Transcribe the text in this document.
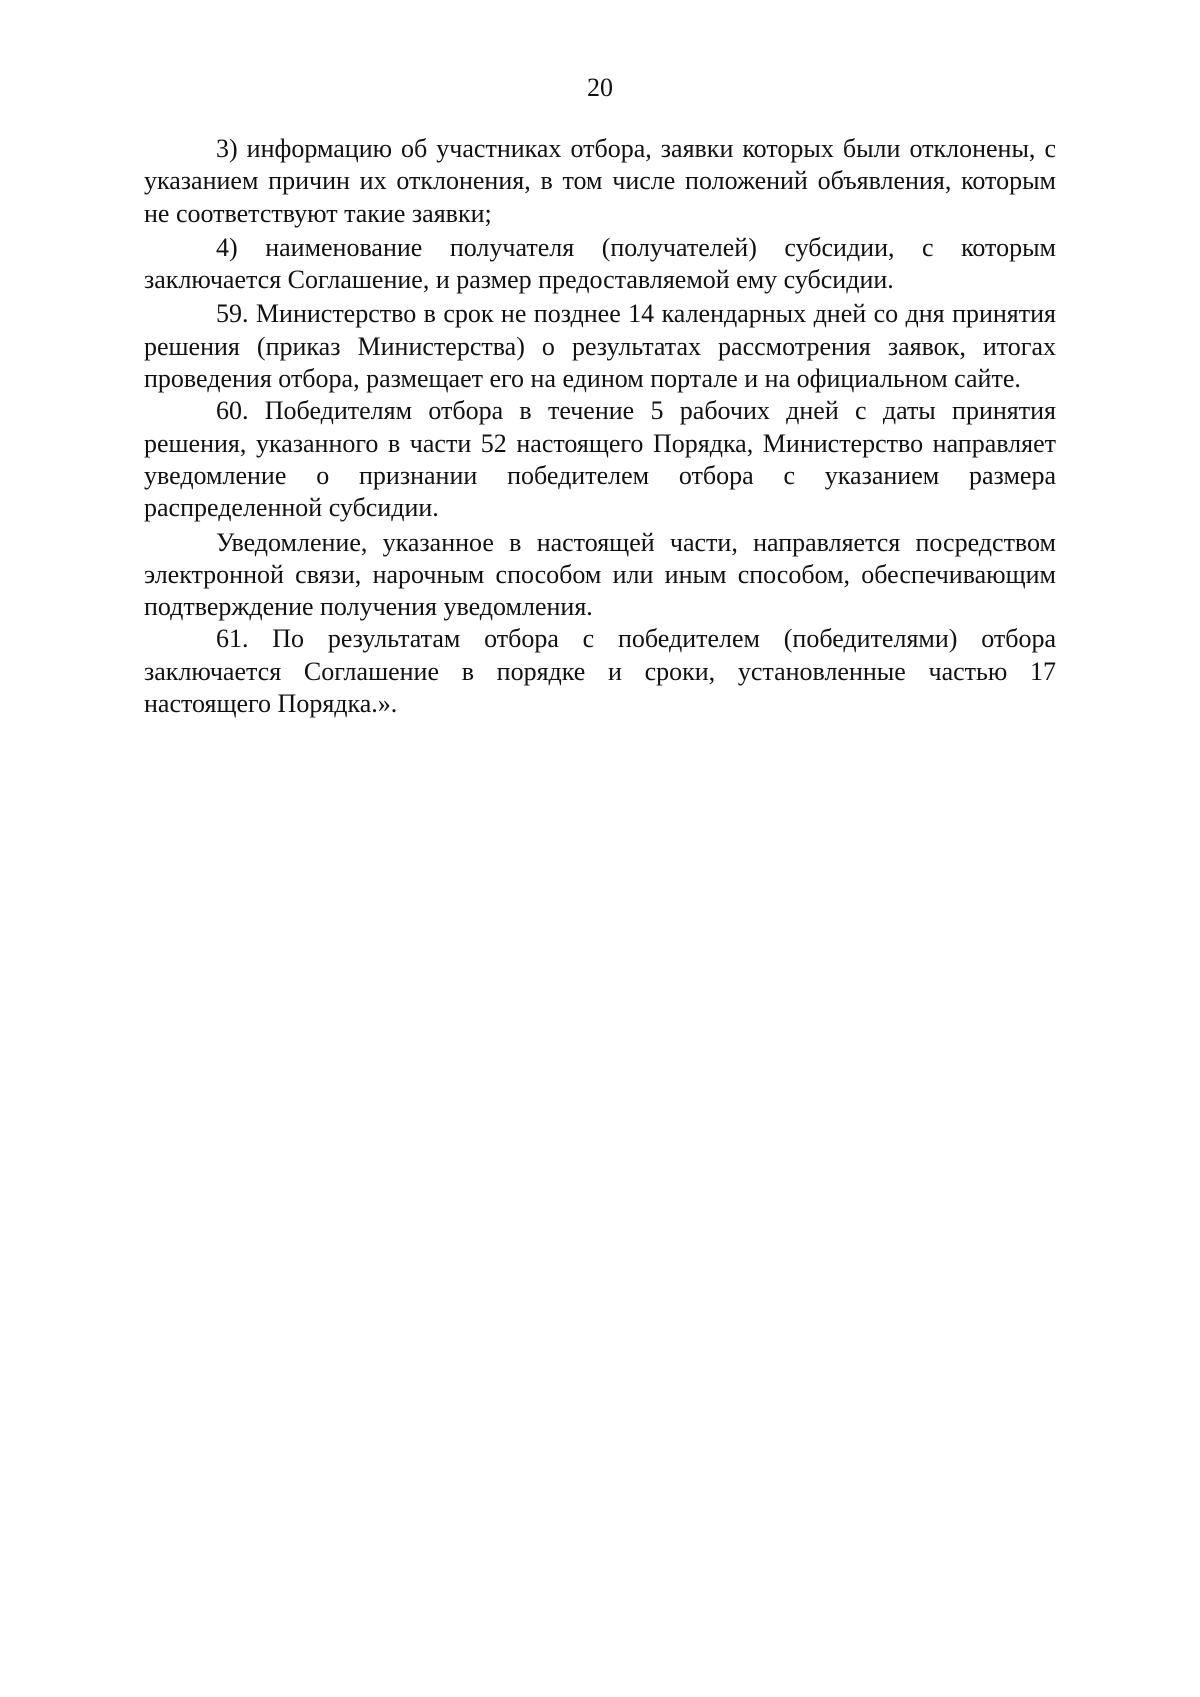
20

3) информацию об участниках отбора, заявки которых были отклонены, с указанием причин их отклонения, в том числе положений объявления, которым не соответствуют такие заявки;

4) наименование получателя (получателей) субсидии, с которым заключается Соглашение, и размер предоставляемой ему субсидии.

59. Министерство в срок не позднее 14 календарных дней со дня принятия решения (приказ Министерства) о результатах рассмотрения заявок, итогах проведения отбора, размещает его на едином портале и на официальном сайте.

60. Победителям отбора в течение 5 рабочих дней с даты принятия решения, указанного в части 52 настоящего Порядка, Министерство направляет уведомление о признании победителем отбора с указанием размера распределенной субсидии.

Уведомление, указанное в настоящей части, направляется посредством электронной связи, нарочным способом или иным способом, обеспечивающим подтверждение получения уведомления.

61. По результатам отбора с победителем (победителями) отбора заключается Соглашение в порядке и сроки, установленные частью 17 настоящего Порядка.».
